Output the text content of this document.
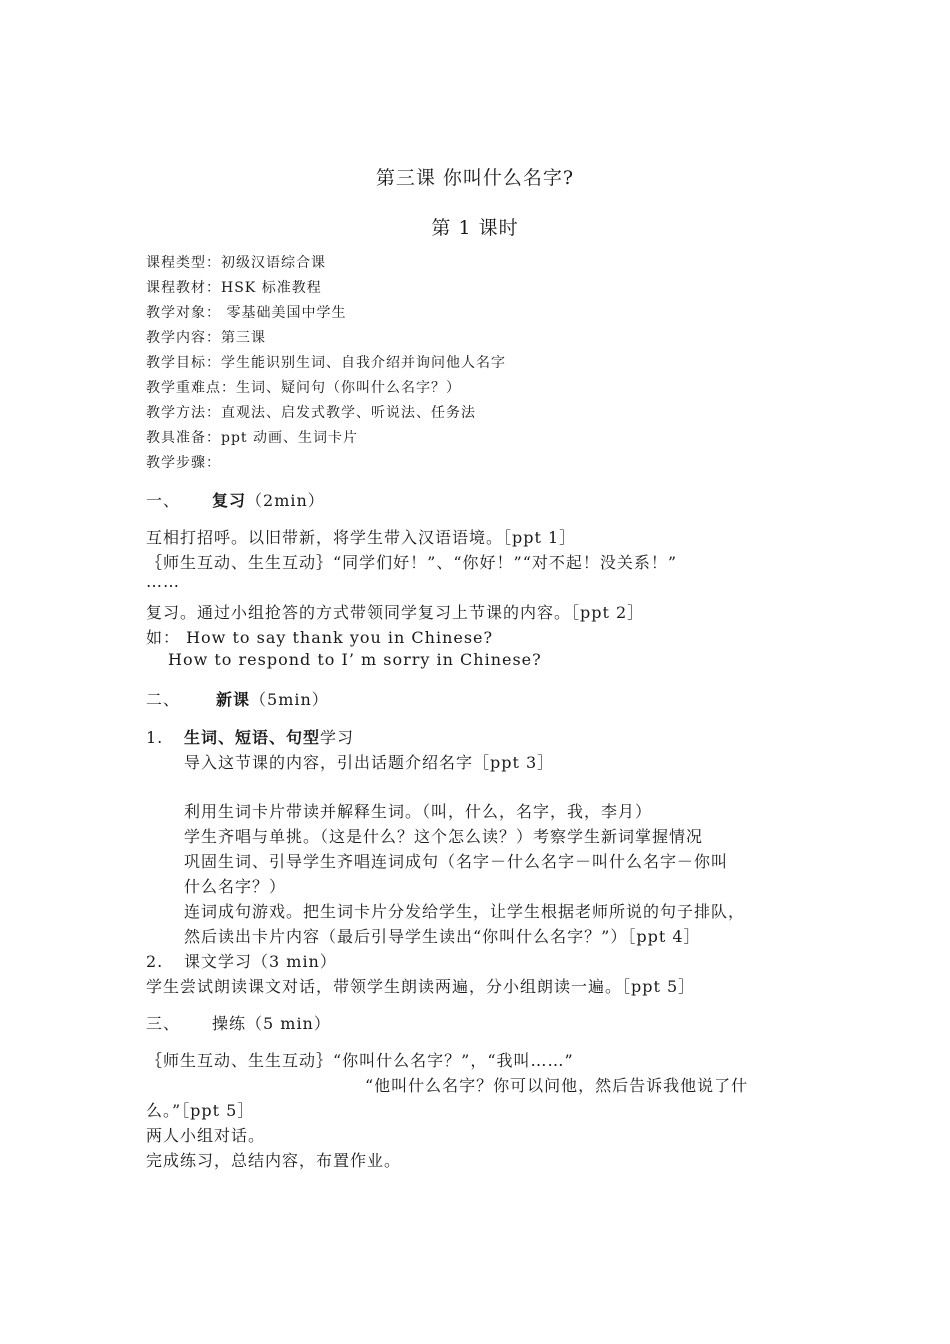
第三课 你叫什么名字?
第 1 课时
课程类型：初级汉语综合课
课程教材：HSK 标准教程
教学对象： 零基础美国中学生
教学内容：第三课
教学目标：学生能识别生词、自我介绍并询问他人名字
教学重难点：生词、疑问句（你叫什么名字？）
教学方法：直观法、启发式教学、听说法、任务法
教具准备：ppt 动画、生词卡片
教学步骤：
一、 复习（2min）
互相打招呼。以旧带新，将学生带入汉语语境。［ppt 1］
｛师生互动、生生互动｝“同学们好！”、“你好！”“对不起！没关系！”
……
复习。通过小组抢答的方式带领同学复习上节课的内容。［ppt 2］
如： How to say thank you in Chinese?
How to respond to I’ m sorry in Chinese?
二、 新课（5min）
1. 生词、短语、句型学习
导入这节课的内容，引出话题介绍名字［ppt 3］
利用生词卡片带读并解释生词。（叫，什么，名字，我，李月）
学生齐唱与单挑。（这是什么？这个怎么读？）考察学生新词掌握情况
巩固生词、引导学生齐唱连词成句（名字－什么名字－叫什么名字－你叫
什么名字？）
连词成句游戏。把生词卡片分发给学生，让学生根据老师所说的句子排队，
然后读出卡片内容（最后引导学生读出“你叫什么名字？”）［ppt 4］
2. 课文学习（3 min）
学生尝试朗读课文对话，带领学生朗读两遍，分小组朗读一遍。［ppt 5］
三、 操练（5 min）
｛师生互动、生生互动｝“你叫什么名字？”，“我叫……”
“他叫什么名字？你可以问他，然后告诉我他说了什
么。”［ppt 5］
两人小组对话。
完成练习，总结内容，布置作业。
